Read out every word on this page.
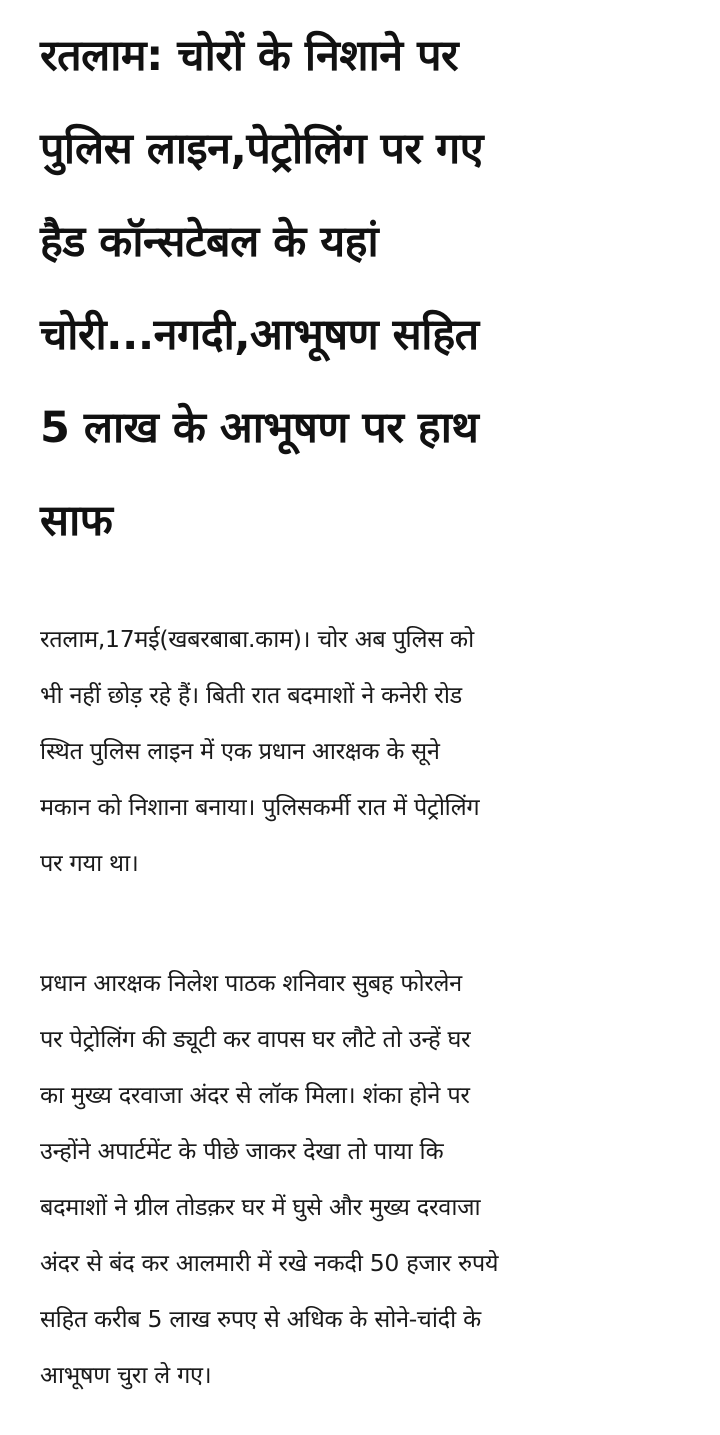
रतलाम: चोरों के निशाने पर
पुलिस लाइन,पेट्रोलिंग पर गए
हैड कॉन्सटेबल के यहां
चोरी...नगदी,आभूषण सहित
5 लाख के आभूषण पर हाथ
साफ

रतलाम,17मई(खबरबाबा.काम)। चोर अब पुलिस को
भी नहीं छोड़ रहे हैं। बिती रात बदमाशों ने कनेरी रोड
स्थित पुलिस लाइन में एक प्रधान आरक्षक के सूने
मकान को निशाना बनाया। पुलिसकर्मी रात में पेट्रोलिंग
पर गया था।

प्रधान आरक्षक निलेश पाठक शनिवार सुबह फोरलेन
पर पेट्रोलिंग की ड्यूटी कर वापस घर लौटे तो उन्हें घर
का मुख्य दरवाजा अंदर से लॉक मिला। शंका होने पर
उन्होंने अपार्टमेंट के पीछे जाकर देखा तो पाया कि
बदमाशों ने ग्रील तोडक़र घर में घुसे और मुख्य दरवाजा
अंदर से बंद कर आलमारी में रखे नकदी 50 हजार रुपये
सहित करीब 5 लाख रुपए से अधिक के सोने-चांदी के
आभूषण चुरा ले गए।
